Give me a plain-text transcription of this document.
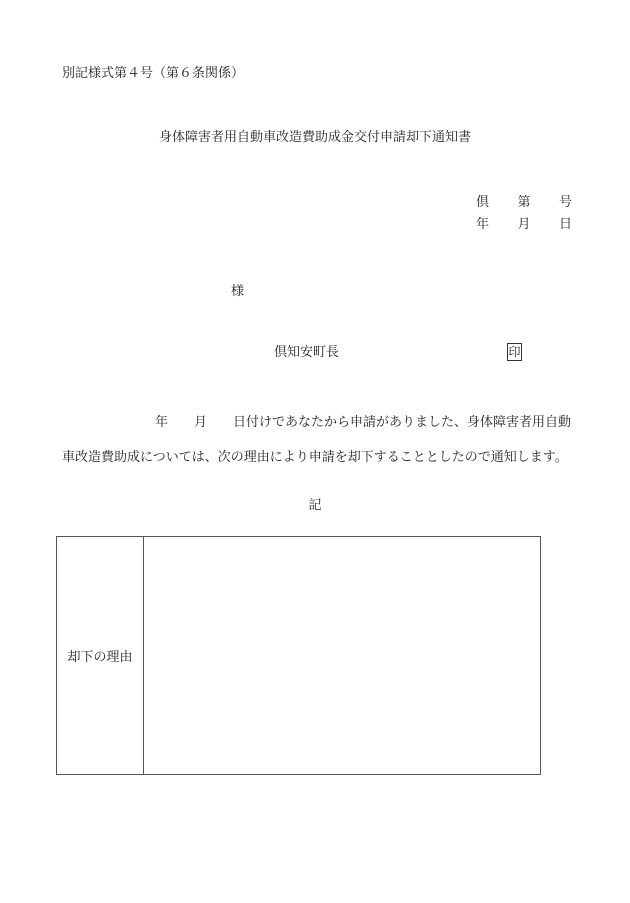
別記様式第４号（第６条関係）
身体障害者用自動車改造費助成金交付申請却下通知書
倶 第 号
年 月 日
様
倶知安町長	印
年　　月　　日付けであなたから申請がありました、身体障害者用自動
車改造費助成については、次の理由により申請を却下することとしたので通知します。
記
却下の理由
